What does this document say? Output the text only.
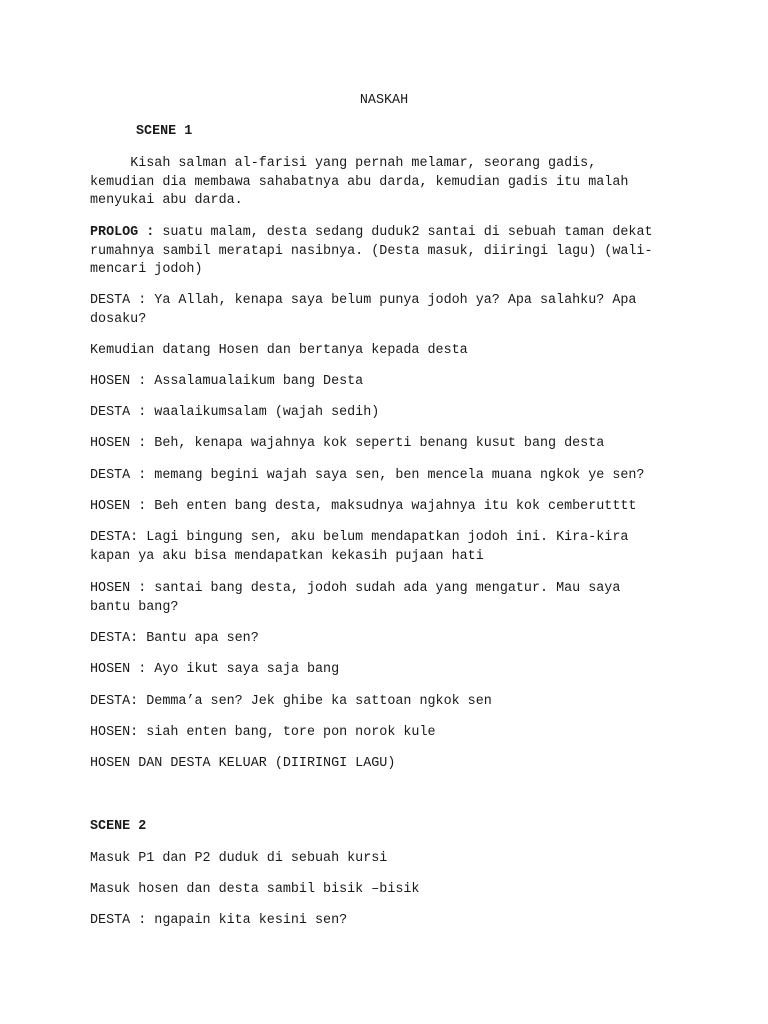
NASKAH
SCENE 1
Kisah salman al-farisi yang pernah melamar, seorang gadis,
kemudian dia membawa sahabatnya abu darda, kemudian gadis itu malah
menyukai abu darda.
PROLOG : suatu malam, desta sedang duduk2 santai di sebuah taman dekat
rumahnya sambil meratapi nasibnya. (Desta masuk, diiringi lagu) (wali-
mencari jodoh)
DESTA : Ya Allah, kenapa saya belum punya jodoh ya? Apa salahku? Apa
dosaku?
Kemudian datang Hosen dan bertanya kepada desta
HOSEN : Assalamualaikum bang Desta
DESTA : waalaikumsalam (wajah sedih)
HOSEN : Beh, kenapa wajahnya kok seperti benang kusut bang desta
DESTA : memang begini wajah saya sen, ben mencela muana ngkok ye sen?
HOSEN : Beh enten bang desta, maksudnya wajahnya itu kok cemberutttt
DESTA: Lagi bingung sen, aku belum mendapatkan jodoh ini. Kira-kira
kapan ya aku bisa mendapatkan kekasih pujaan hati
HOSEN : santai bang desta, jodoh sudah ada yang mengatur. Mau saya
bantu bang?
DESTA: Bantu apa sen?
HOSEN : Ayo ikut saya saja bang
DESTA: Demma’a sen? Jek ghibe ka sattoan ngkok sen
HOSEN: siah enten bang, tore pon norok kule
HOSEN DAN DESTA KELUAR (DIIRINGI LAGU)
SCENE 2
Masuk P1 dan P2 duduk di sebuah kursi
Masuk hosen dan desta sambil bisik –bisik
DESTA : ngapain kita kesini sen?
